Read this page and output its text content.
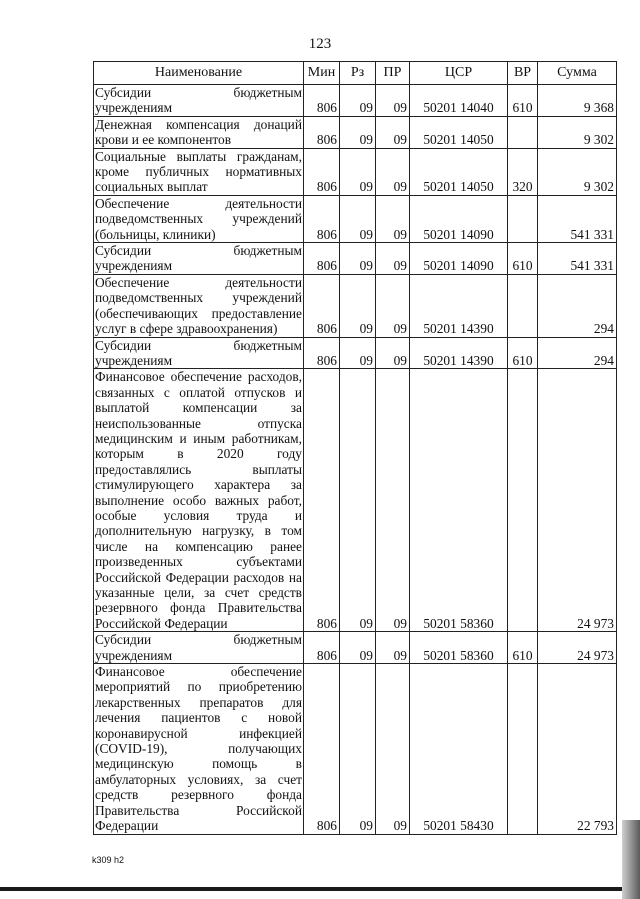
123
Наименование	Мин	Рз	ПР	ЦСР	ВР	Сумма
Субсидии бюджетным учреждениям	806	09	09	50201 14040	610	9 368
Денежная компенсация донаций крови и ее компонентов	806	09	09	50201 14050		9 302
Социальные выплаты гражданам, кроме публичных нормативных социальных выплат	806	09	09	50201 14050	320	9 302
Обеспечение деятельности подведомственных учреждений (больницы, клиники)	806	09	09	50201 14090		541 331
Субсидии бюджетным учреждениям	806	09	09	50201 14090	610	541 331
Обеспечение деятельности подведомственных учреждений (обеспечивающих предоставление услуг в сфере здравоохранения)	806	09	09	50201 14390		294
Субсидии бюджетным учреждениям	806	09	09	50201 14390	610	294
Финансовое обеспечение расходов, связанных с оплатой отпусков и выплатой компенсации за неиспользованные отпуска медицинским и иным работникам, которым в 2020 году предоставлялись выплаты стимулирующего характера за выполнение особо важных работ, особые условия труда и дополнительную нагрузку, в том числе на компенсацию ранее произведенных субъектами Российской Федерации расходов на указанные цели, за счет средств резервного фонда Правительства Российской Федерации	806	09	09	50201 58360		24 973
Субсидии бюджетным учреждениям	806	09	09	50201 58360	610	24 973
Финансовое обеспечение мероприятий по приобретению лекарственных препаратов для лечения пациентов с новой коронавирусной инфекцией (COVID-19), получающих медицинскую помощь в амбулаторных условиях, за счет средств резервного фонда Правительства Российской Федерации	806	09	09	50201 58430		22 793
k309 h2
